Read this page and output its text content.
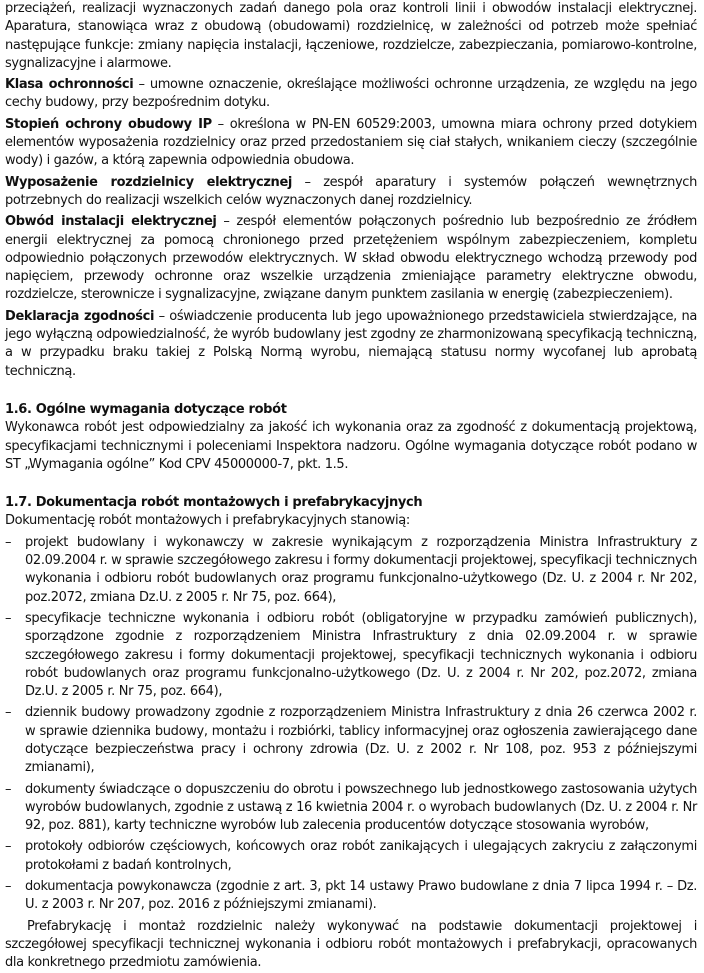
przeciążeń, realizacji wyznaczonych zadań danego pola oraz kontroli linii i obwodów instalacji elektrycznej. Aparatura, stanowiąca wraz z obudową (obudowami) rozdzielnicę, w zależności od potrzeb może spełniać następujące funkcje: zmiany napięcia instalacji, łączeniowe, rozdzielcze, zabezpieczania, pomiarowo-kontrolne, sygnalizacyjne i alarmowe.

Klasa ochronności – umowne oznaczenie, określające możliwości ochronne urządzenia, ze względu na jego cechy budowy, przy bezpośrednim dotyku.

Stopień ochrony obudowy IP – określona w PN-EN 60529:2003, umowna miara ochrony przed dotykiem elementów wyposażenia rozdzielnicy oraz przed przedostaniem się ciał stałych, wnikaniem cieczy (szczególnie wody) i gazów, a którą zapewnia odpowiednia obudowa.

Wyposażenie rozdzielnicy elektrycznej – zespół aparatury i systemów połączeń wewnętrznych potrzebnych do realizacji wszelkich celów wyznaczonych danej rozdzielnicy.

Obwód instalacji elektrycznej – zespół elementów połączonych pośrednio lub bezpośrednio ze źródłem energii elektrycznej za pomocą chronionego przed przetężeniem wspólnym zabezpieczeniem, kompletu odpowiednio połączonych przewodów elektrycznych. W skład obwodu elektrycznego wchodzą przewody pod napięciem, przewody ochronne oraz wszelkie urządzenia zmieniające parametry elektryczne obwodu, rozdzielcze, sterownicze i sygnalizacyjne, związane danym punktem zasilania w energię (zabezpieczeniem).

Deklaracja zgodności – oświadczenie producenta lub jego upoważnionego przedstawiciela stwierdzające, na jego wyłączną odpowiedzialność, że wyrób budowlany jest zgodny ze zharmonizowaną specyfikacją techniczną, a w przypadku braku takiej z Polską Normą wyrobu, niemającą statusu normy wycofanej lub aprobatą techniczną.

1.6. Ogólne wymagania dotyczące robót

Wykonawca robót jest odpowiedzialny za jakość ich wykonania oraz za zgodność z dokumentacją projektową, specyfikacjami technicznymi i poleceniami Inspektora nadzoru. Ogólne wymagania dotyczące robót podano w ST „Wymagania ogólne” Kod CPV 45000000-7, pkt. 1.5.

1.7. Dokumentacja robót montażowych i prefabrykacyjnych

Dokumentację robót montażowych i prefabrykacyjnych stanowią:

– projekt budowlany i wykonawczy w zakresie wynikającym z rozporządzenia Ministra Infrastruktury z 02.09.2004 r. w sprawie szczegółowego zakresu i formy dokumentacji projektowej, specyfikacji technicznych wykonania i odbioru robót budowlanych oraz programu funkcjonalno-użytkowego (Dz. U. z 2004 r. Nr 202, poz.2072, zmiana Dz.U. z 2005 r. Nr 75, poz. 664),
– specyfikacje techniczne wykonania i odbioru robót (obligatoryjne w przypadku zamówień publicznych), sporządzone zgodnie z rozporządzeniem Ministra Infrastruktury z dnia 02.09.2004 r. w sprawie szczegółowego zakresu i formy dokumentacji projektowej, specyfikacji technicznych wykonania i odbioru robót budowlanych oraz programu funkcjonalno-użytkowego (Dz. U. z 2004 r. Nr 202, poz.2072, zmiana Dz.U. z 2005 r. Nr 75, poz. 664),
– dziennik budowy prowadzony zgodnie z rozporządzeniem Ministra Infrastruktury z dnia 26 czerwca 2002 r. w sprawie dziennika budowy, montażu i rozbiórki, tablicy informacyjnej oraz ogłoszenia zawierającego dane dotyczące bezpieczeństwa pracy i ochrony zdrowia (Dz. U. z 2002 r. Nr 108, poz. 953 z późniejszymi zmianami),
– dokumenty świadczące o dopuszczeniu do obrotu i powszechnego lub jednostkowego zastosowania użytych wyrobów budowlanych, zgodnie z ustawą z 16 kwietnia 2004 r. o wyrobach budowlanych (Dz. U. z 2004 r. Nr 92, poz. 881), karty techniczne wyrobów lub zalecenia producentów dotyczące stosowania wyrobów,
– protokoły odbiorów częściowych, końcowych oraz robót zanikających i ulegających zakryciu z załączonymi protokołami z badań kontrolnych,
– dokumentacja powykonawcza (zgodnie z art. 3, pkt 14 ustawy Prawo budowlane z dnia 7 lipca 1994 r. – Dz. U. z 2003 r. Nr 207, poz. 2016 z późniejszymi zmianami).

Prefabrykację i montaż rozdzielnic należy wykonywać na podstawie dokumentacji projektowej i szczegółowej specyfikacji technicznej wykonania i odbioru robót montażowych i prefabrykacji, opracowanych dla konkretnego przedmiotu zamówienia.
